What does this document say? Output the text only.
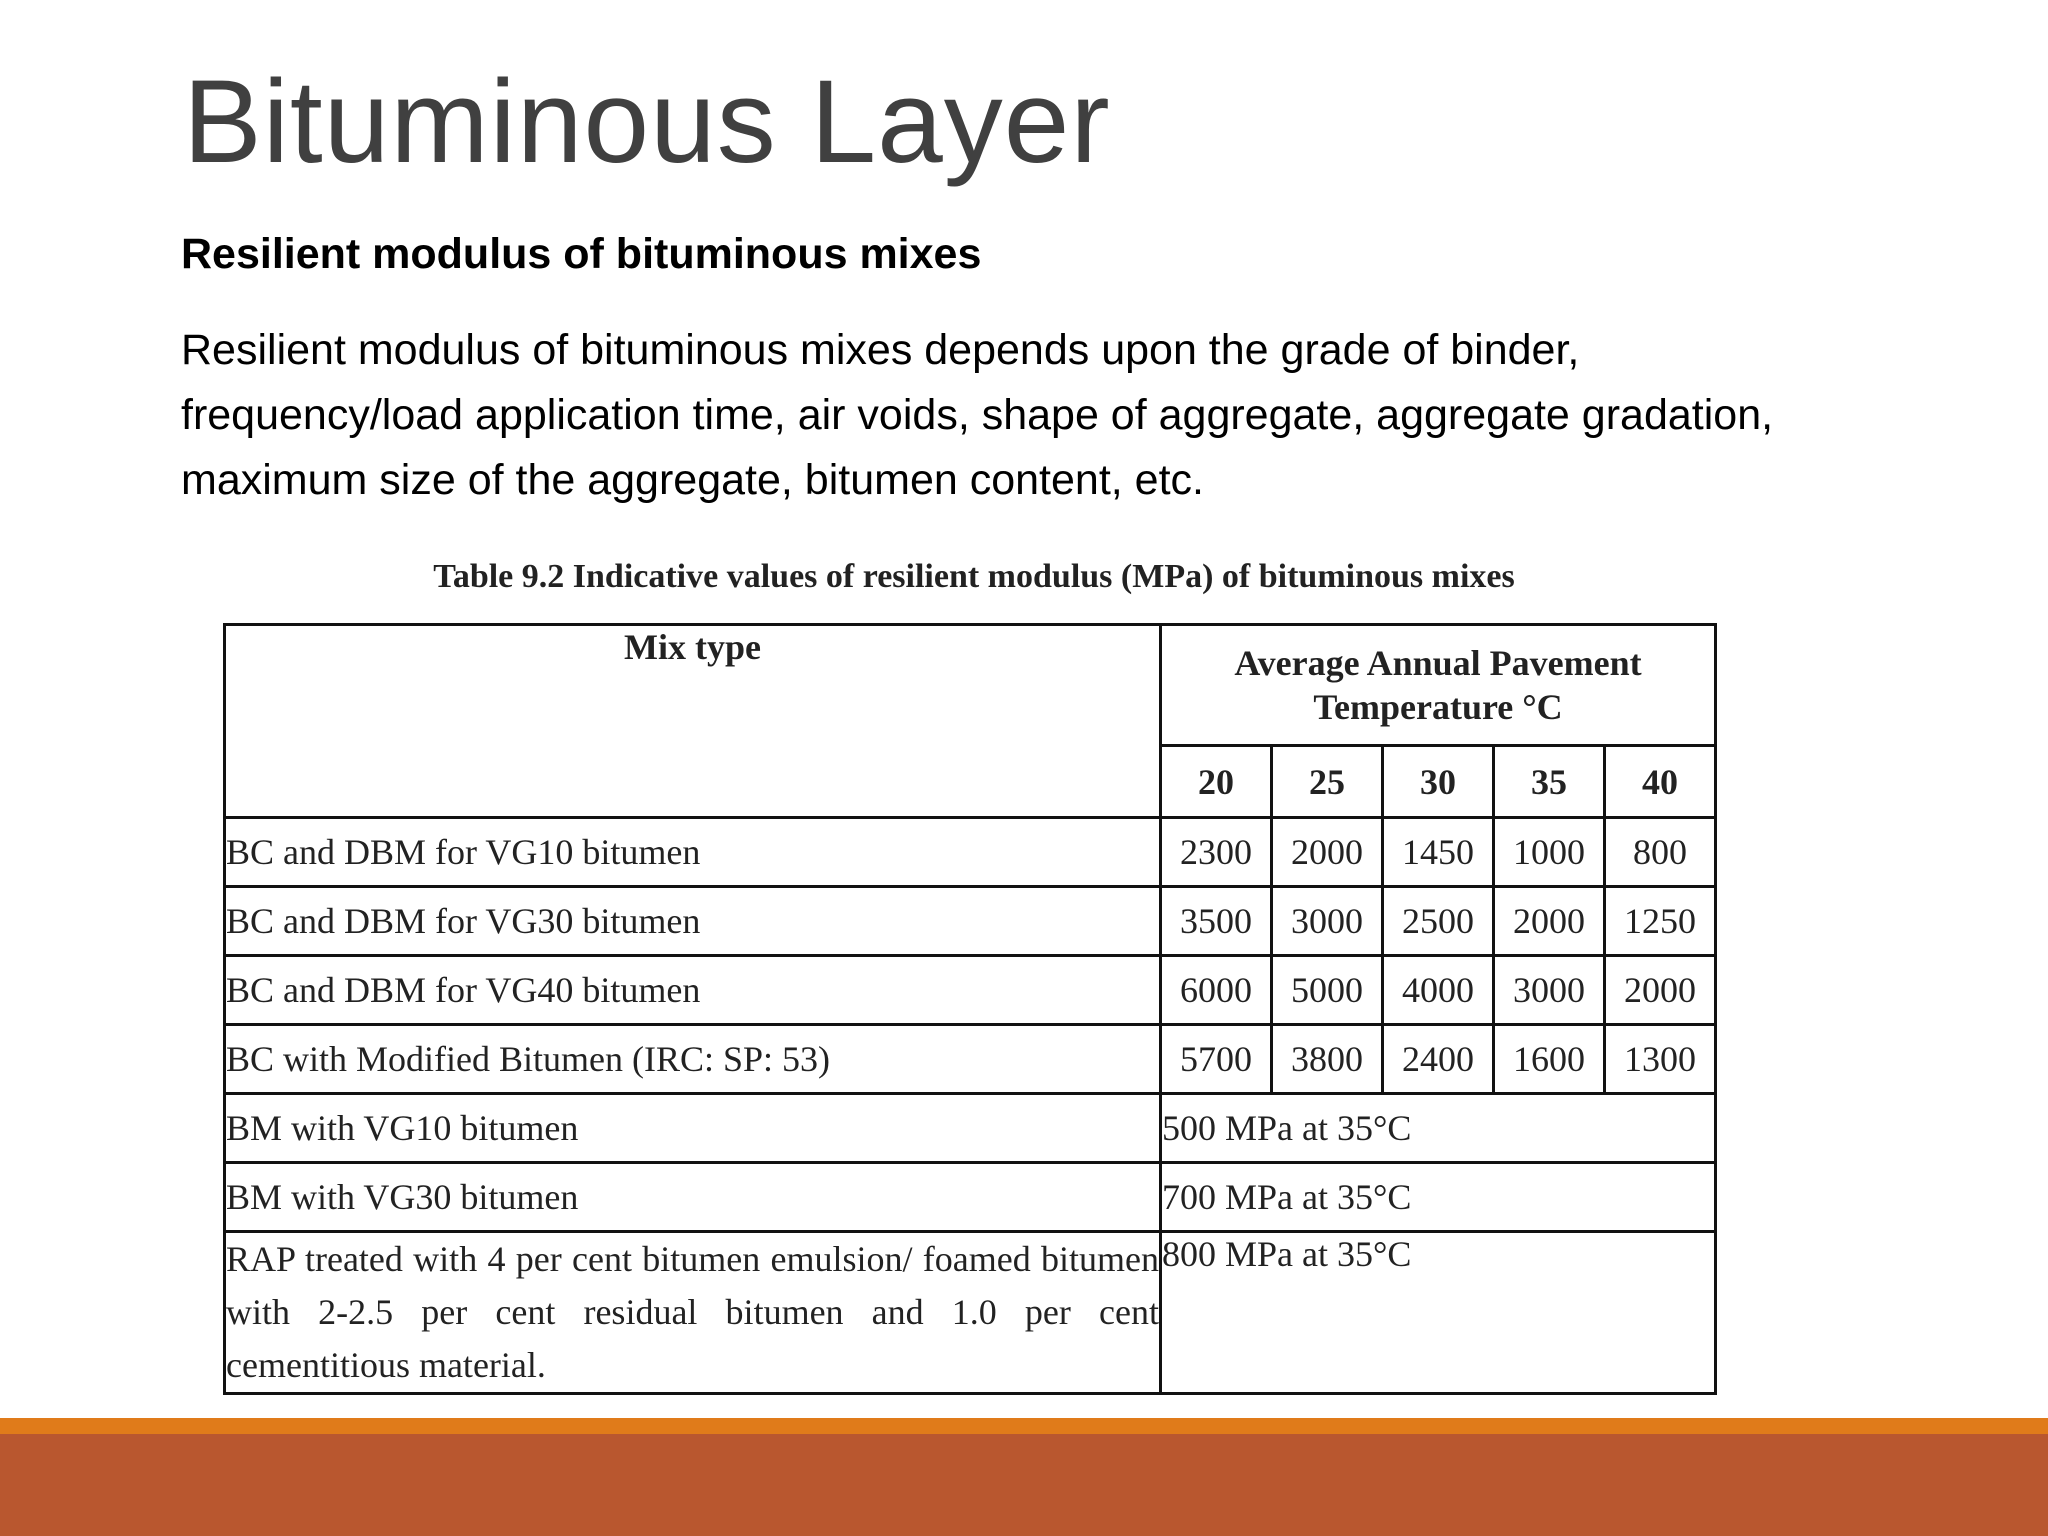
Bituminous Layer
Resilient modulus of bituminous mixes

Resilient modulus of bituminous mixes depends upon the grade of binder, frequency/load application time, air voids, shape of aggregate, aggregate gradation, maximum size of the aggregate, bitumen content, etc.

Table 9.2 Indicative values of resilient modulus (MPa) of bituminous mixes
Mix type	Average Annual Pavement
Temperature °C				

	20	25	30	35	40
BC and DBM for VG10 bitumen	2300	2000	1450	1000	800
BC and DBM for VG30 bitumen	3500	3000	2500	2000	1250
BC and DBM for VG40 bitumen	6000	5000	4000	3000	2000
BC with Modified Bitumen (IRC: SP: 53)	5700	3800	2400	1600	1300
BM with VG10 bitumen	500 MPa at 35°C				
BM with VG30 bitumen	700 MPa at 35°C				
RAP treated with 4 per cent bitumen emulsion/ foamed bitumen with 2-2.5 per cent residual bitumen and 1.0 per cent cementitious material.	800 MPa at 35°C				
